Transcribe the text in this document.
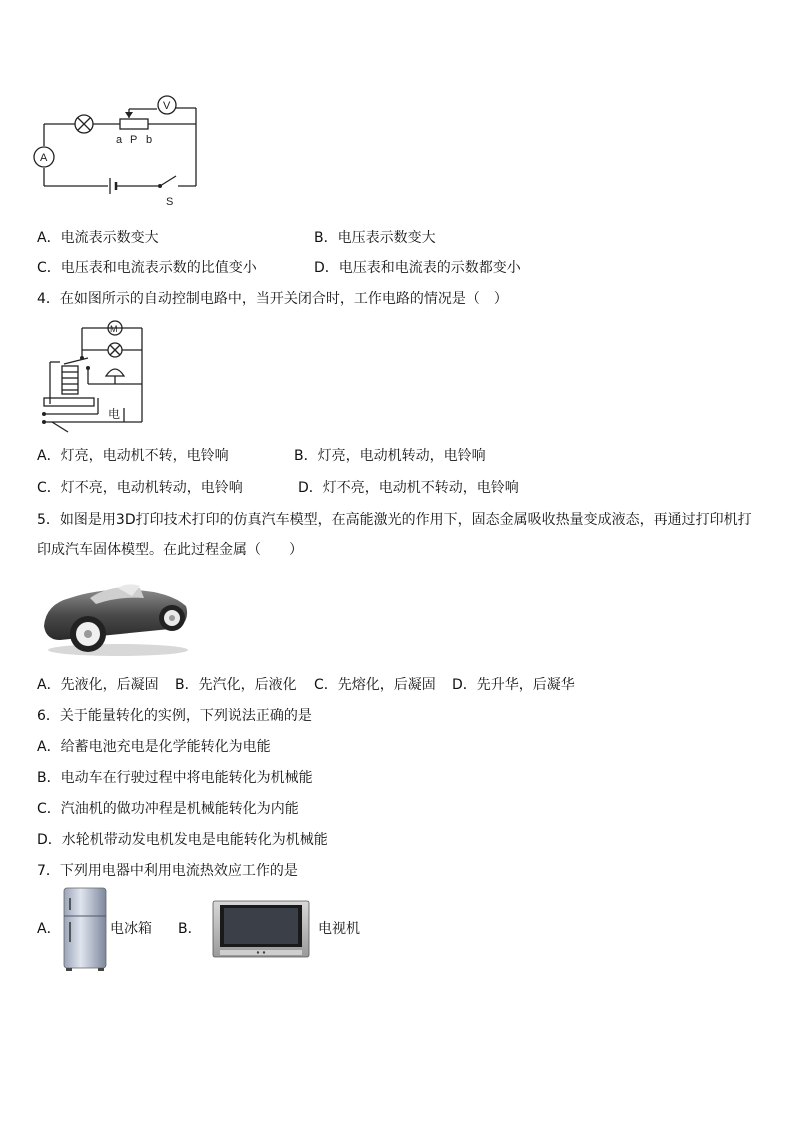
A
V
a P b
S
A．电流表示数变大	B．电压表示数变大
C．电压表和电流表示数的比值变小	D．电压表和电流表的示数都变小
4．在如图所示的自动控制电路中，当开关闭合时，工作电路的情况是（　）
M
电
A．灯亮，电动机不转，电铃响	B．灯亮，电动机转动，电铃响
C．灯不亮，电动机转动，电铃响	D．灯不亮，电动机不转动，电铃响
5．如图是用3D打印技术打印的仿真汽车模型，在高能激光的作用下，固态金属吸收热量变成液态，再通过打印机打
印成汽车固体模型。在此过程金属（　　）
A．先液化，后凝固 B．先汽化，后液化 C．先熔化，后凝固 D．先升华，后凝华
6．关于能量转化的实例，下列说法正确的是
A．给蓄电池充电是化学能转化为电能
B．电动车在行驶过程中将电能转化为机械能
C．汽油机的做功冲程是机械能转化为内能
D．水轮机带动发电机发电是电能转化为机械能
7．下列用电器中利用电流热效应工作的是
A．	电冰箱 B．	电视机
